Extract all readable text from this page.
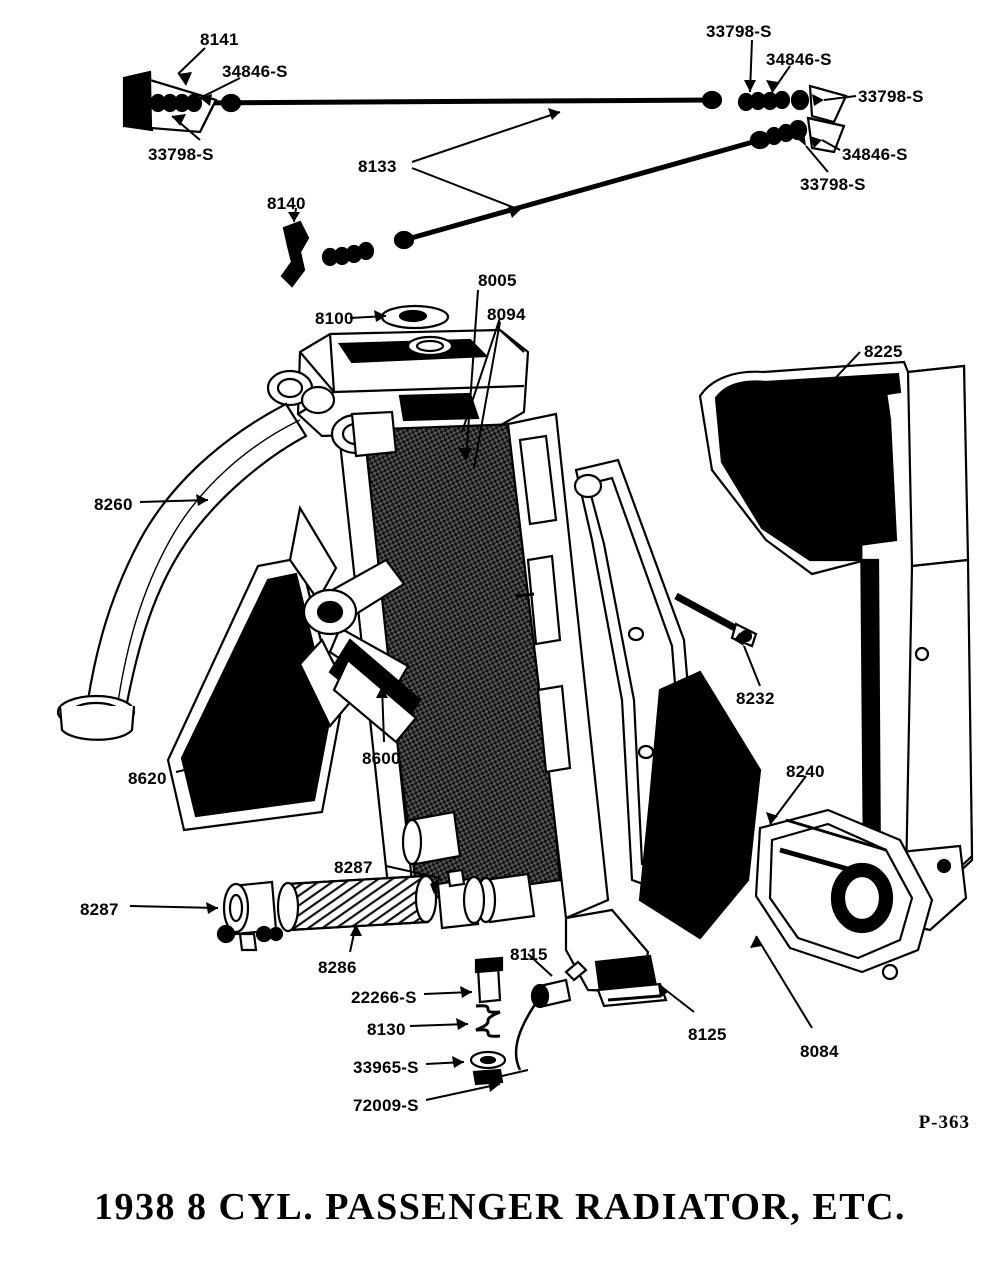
8141
34846-S
33798-S
33798-S
34846-S
33798-S
34846-S
33798-S
8133
8140
8100
8005
8094
8225
8260
8232
8600
8620	8240
8287
8287
8286
8115
22266-S
8130
33965-S
72009-S
8125
8084
P-363
1938 8 CYL. PASSENGER RADIATOR, ETC.
